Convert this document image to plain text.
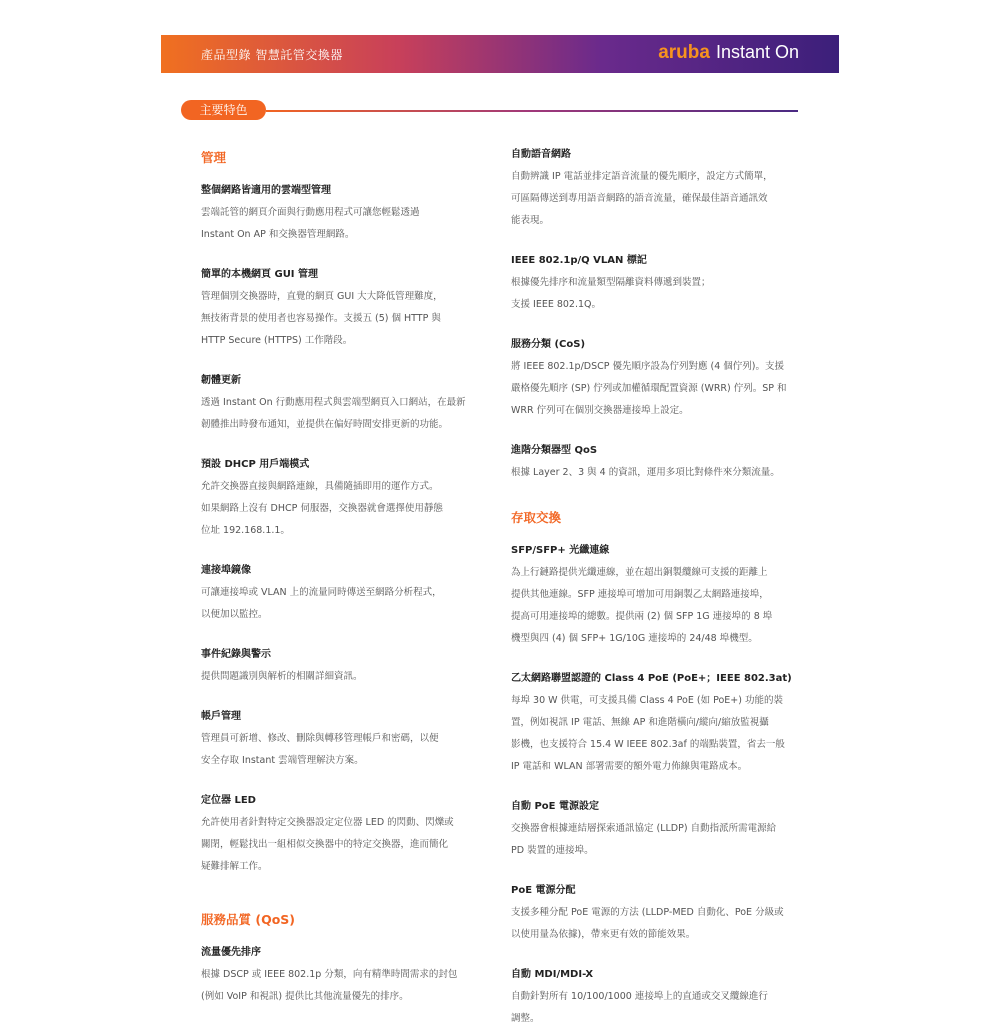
產品型錄 智慧託管交換器	aruba Instant On
主要特色
管理
整個網路皆適用的雲端型管理
雲端託管的網頁介面與行動應用程式可讓您輕鬆透過
Instant On AP 和交換器管理網路。
簡單的本機網頁 GUI 管理
管理個別交換器時，直覺的網頁 GUI 大大降低管理難度，
無技術背景的使用者也容易操作。支援五 (5) 個 HTTP 與
HTTP Secure (HTTPS) 工作階段。
韌體更新
透過 Instant On 行動應用程式與雲端型網頁入口網站，在最新
韌體推出時發布通知，並提供在偏好時間安排更新的功能。
預設 DHCP 用戶端模式
允許交換器直接與網路連線，具備隨插即用的運作方式。
如果網路上沒有 DHCP 伺服器，交換器就會選擇使用靜態
位址 192.168.1.1。
連接埠鏡像
可讓連接埠或 VLAN 上的流量同時傳送至網路分析程式，
以便加以監控。
事件紀錄與警示
提供問題識別與解析的相關詳細資訊。
帳戶管理
管理員可新增、修改、刪除與轉移管理帳戶和密碼，以便
安全存取 Instant 雲端管理解決方案。
定位器 LED
允許使用者針對特定交換器設定定位器 LED 的閃動、閃爍或
關閉，輕鬆找出一組相似交換器中的特定交換器，進而簡化
疑難排解工作。
服務品質 (QoS)
流量優先排序
根據 DSCP 或 IEEE 802.1p 分類，向有精準時間需求的封包
(例如 VoIP 和視訊) 提供比其他流量優先的排序。
自動語音網路
自動辨識 IP 電話並排定語音流量的優先順序，設定方式簡單，
可區隔傳送到專用語音網路的語音流量，確保最佳語音通訊效
能表現。
IEEE 802.1p/Q VLAN 標記
根據優先排序和流量類型隔離資料傳遞到裝置；
支援 IEEE 802.1Q。
服務分類 (CoS)
將 IEEE 802.1p/DSCP 優先順序設為佇列對應 (4 個佇列)。支援
嚴格優先順序 (SP) 佇列或加權循環配置資源 (WRR) 佇列。SP 和
WRR 佇列可在個別交換器連接埠上設定。
進階分類器型 QoS
根據 Layer 2、3 與 4 的資訊，運用多項比對條件來分類流量。
存取交換
SFP/SFP+ 光纖連線
為上行鏈路提供光纖連線，並在超出銅製纜線可支援的距離上
提供其他連線。SFP 連接埠可增加可用銅製乙太網路連接埠，
提高可用連接埠的總數。提供兩 (2) 個 SFP 1G 連接埠的 8 埠
機型與四 (4) 個 SFP+ 1G/10G 連接埠的 24/48 埠機型。
乙太網路聯盟認證的 Class 4 PoE (PoE+；IEEE 802.3at)
每埠 30 W 供電，可支援具備 Class 4 PoE (如 PoE+) 功能的裝
置，例如視訊 IP 電話、無線 AP 和進階橫向/縱向/縮放監視攝
影機，也支援符合 15.4 W IEEE 802.3af 的端點裝置，省去一般
IP 電話和 WLAN 部署需要的額外電力佈線與電路成本。
自動 PoE 電源設定
交換器會根據連結層探索通訊協定 (LLDP) 自動指派所需電源給
PD 裝置的連接埠。
PoE 電源分配
支援多種分配 PoE 電源的方法 (LLDP-MED 自動化、PoE 分級或
以使用量為依據)，帶來更有效的節能效果。
自動 MDI/MDI-X
自動針對所有 10/100/1000 連接埠上的直通或交叉纜線進行
調整。
